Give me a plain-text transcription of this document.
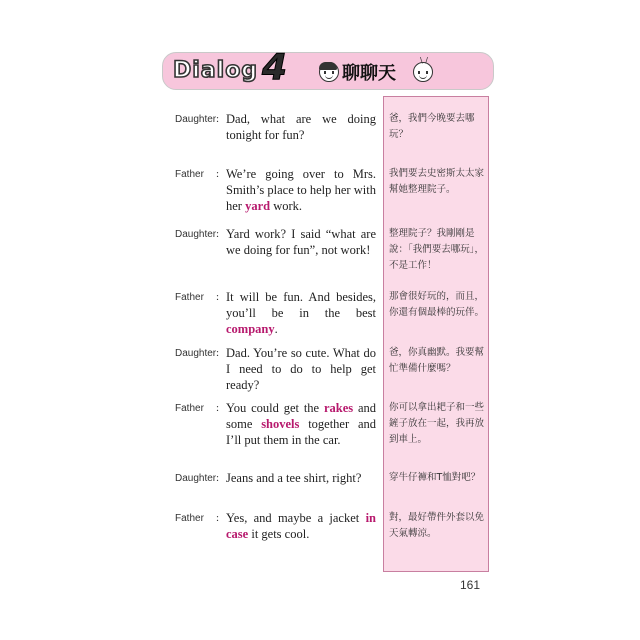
Dialog 4	聊聊天
\ /
Daughter : Dad, what are we doing tonight for fun?
爸，我們今晚要去哪玩？
Father	: We’re going over to Mrs. Smith’s place to help her with her yard work.
我們要去史密斯太太家幫她整理院子。
Daughter : Yard work? I said “what are we doing for fun”, not work!
整理院子？我剛剛是說：「我們要去哪玩」，不是工作！
Father	: It will be fun. And besides, you’ll be in the best company.
那會很好玩的，而且，你還有個最棒的玩伴。
Daughter : Dad. You’re so cute. What do I need to do to help get ready?
爸，你真幽默。我要幫忙準備什麼嗎？
Father	: You could get the rakes and some shovels together and I’ll put them in the car.
你可以拿出耙子和一些鏟子放在一起，我再放到車上。
Daughter : Jeans and a tee shirt, right?	穿牛仔褲和T恤對吧？
Father	: Yes, and maybe a jacket in case it gets cool.
對，最好帶件外套以免天氣轉涼。
161
